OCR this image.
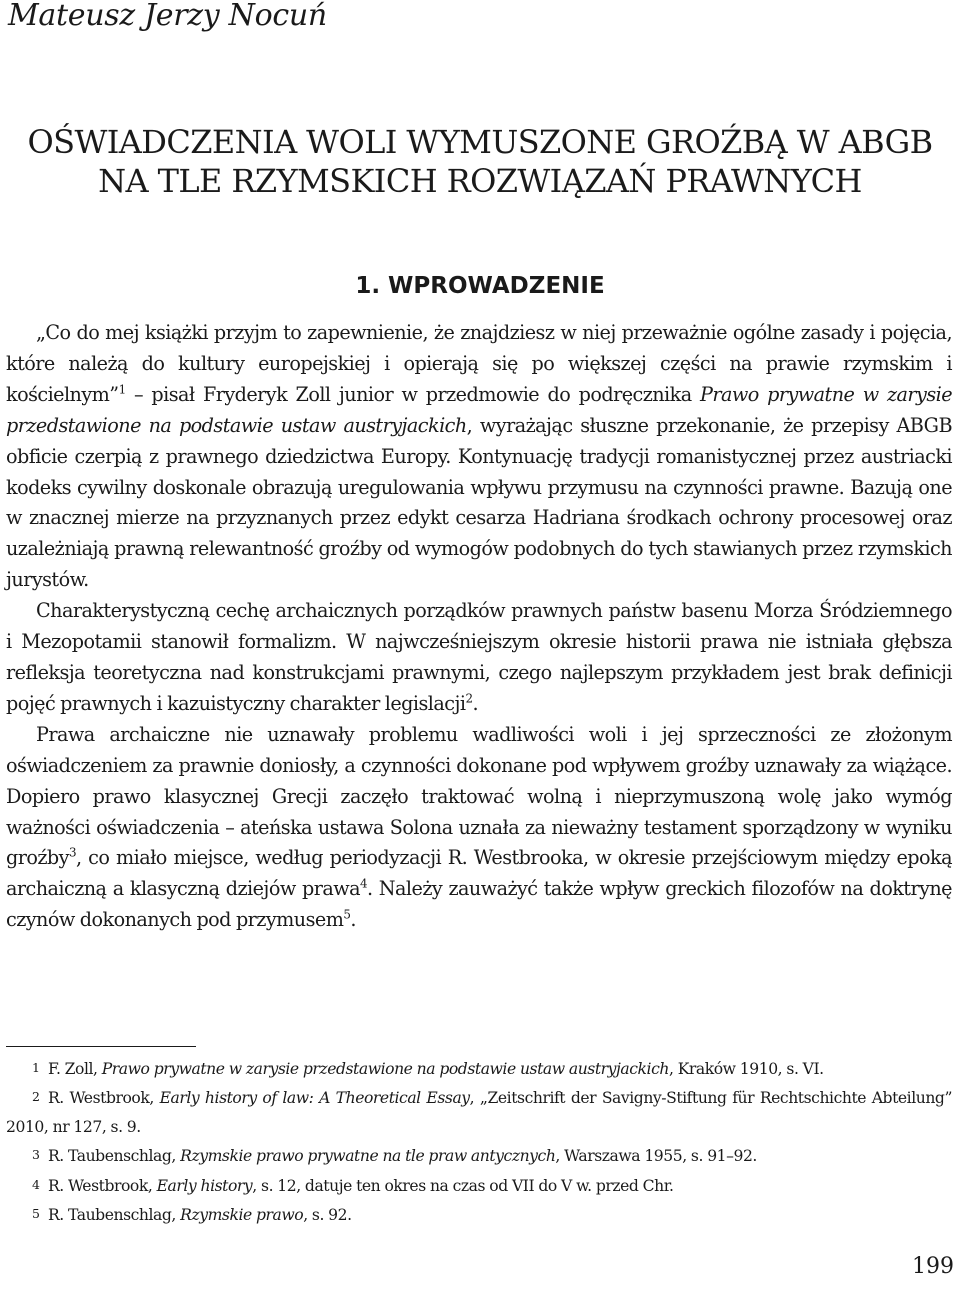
Mateusz Jerzy Nocuń
OŚWIADCZENIA WOLI WYMUSZONE GROŹBĄ W ABGB
NA TLE RZYMSKICH ROZWIĄZAŃ PRAWNYCH
1. WPROWADZENIE

„Co do mej książki przyjm to zapewnienie, że znajdziesz w niej przeważnie ogólne zasady i pojęcia, które należą do kultury europejskiej i opierają się po większej części na prawie rzymskim i kościelnym”$^1$ – pisał Fryderyk Zoll junior w przedmowie do podręcznika Prawo prywatne w zarysie przedstawione na podstawie ustaw austryjackich, wyrażając słuszne przekonanie, że przepisy ABGB obficie czerpią z prawnego dziedzictwa Europy. Kontynuację tradycji romanistycznej przez austriacki kodeks cywilny doskonale obrazują uregulowania wpływu przymusu na czynności prawne. Bazują one w znacznej mierze na przyznanych przez edykt cesarza Hadriana środkach ochrony procesowej oraz uzależniają prawną relewantność groźby od wymogów podobnych do tych stawianych przez rzymskich jurystów.

Charakterystyczną cechę archaicznych porządków prawnych państw basenu Morza Śródziemnego i Mezopotamii stanowił formalizm. W najwcześniejszym okresie historii prawa nie istniała głębsza refleksja teoretyczna nad konstrukcjami prawnymi, czego najlepszym przykładem jest brak definicji pojęć prawnych i kazuistyczny charakter legislacji$^2$.

Prawa archaiczne nie uznawały problemu wadliwości woli i jej sprzeczności ze złożonym oświadczeniem za prawnie doniosły, a czynności dokonane pod wpływem groźby uznawały za wiążące. Dopiero prawo klasycznej Grecji zaczęło traktować wolną i nieprzymuszoną wolę jako wymóg ważności oświadczenia – ateńska ustawa Solona uznała za nieważny testament sporządzony w wyniku groźby$^3$, co miało miejsce, według periodyzacji R. Westbrooka, w okresie przejściowym między epoką archaiczną a klasyczną dziejów prawa$^4$. Należy zauważyć także wpływ greckich filozofów na doktrynę czynów dokonanych pod przymusem$^5$.

1 F. Zoll, Prawo prywatne w zarysie przedstawione na podstawie ustaw austryjackich, Kraków 1910, s. VI.
2 R. Westbrook, Early history of law: A Theoretical Essay, „Zeitschrift der Savigny-Stiftung für Rechtschichte Abteilung” 2010, nr 127, s. 9.
3 R. Taubenschlag, Rzymskie prawo prywatne na tle praw antycznych, Warszawa 1955, s. 91–92.
4 R. Westbrook, Early history, s. 12, datuje ten okres na czas od VII do V w. przed Chr.
5 R. Taubenschlag, Rzymskie prawo, s. 92.
199
